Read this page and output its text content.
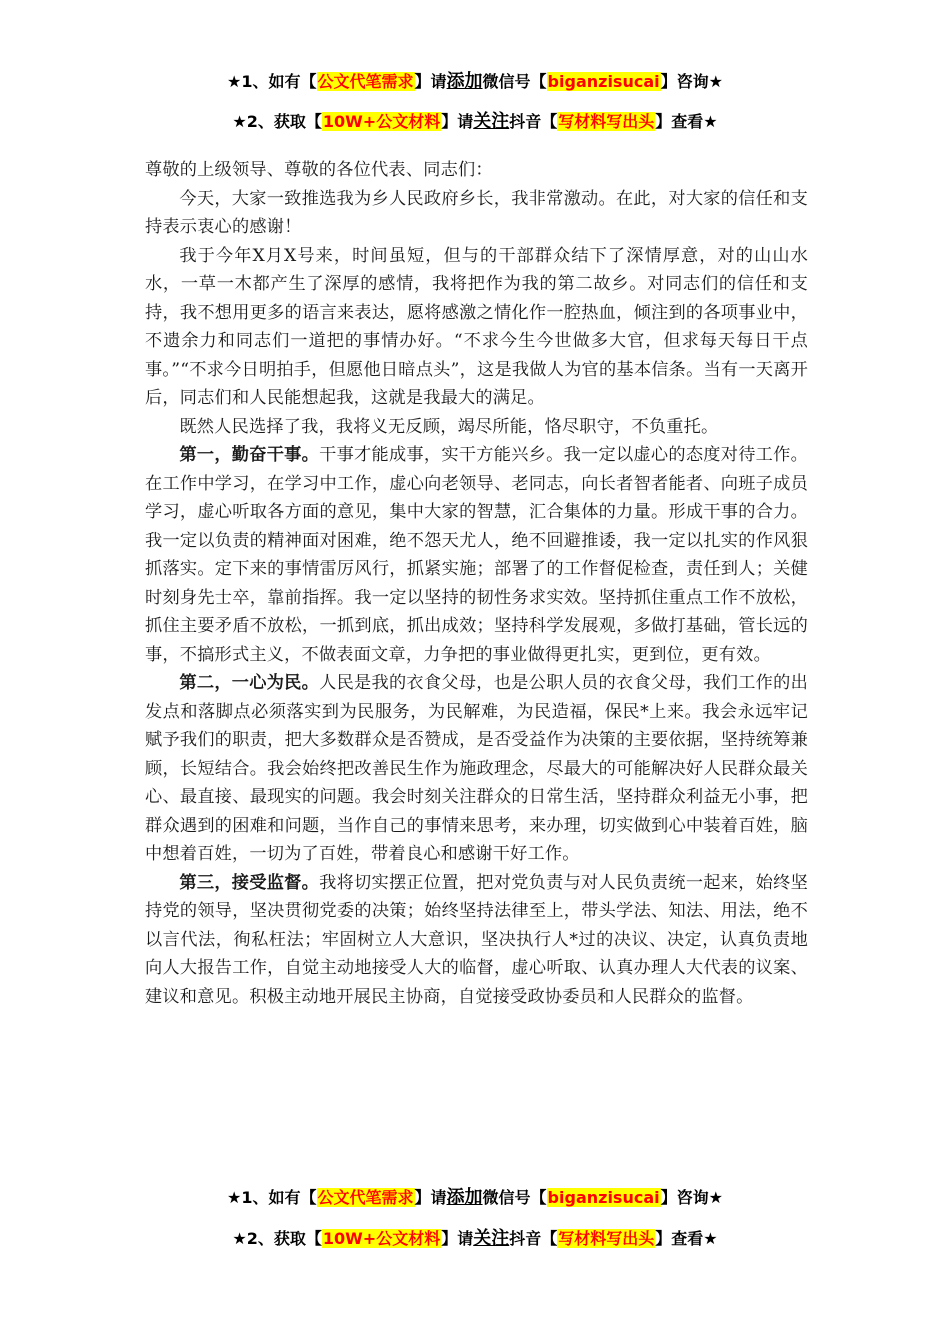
★1、如有【公文代笔需求】请添加微信号【biganzisucai】咨询★
★2、获取【10W+公文材料】请关注抖音【写材料写出头】查看★

尊敬的上级领导、尊敬的各位代表、同志们：

今天，大家一致推选我为乡人民政府乡长，我非常激动。在此，对大家的信任和支持表示衷心的感谢！

我于今年X月X号来，时间虽短，但与的干部群众结下了深情厚意，对的山山水水，一草一木都产生了深厚的感情，我将把作为我的第二故乡。对同志们的信任和支持，我不想用更多的语言来表达，愿将感激之情化作一腔热血，倾注到的各项事业中，不遗余力和同志们一道把的事情办好。“不求今生今世做多大官，但求每天每日干点事。”“不求今日明拍手，但愿他日暗点头”，这是我做人为官的基本信条。当有一天离开后，同志们和人民能想起我，这就是我最大的满足。

既然人民选择了我，我将义无反顾，竭尽所能，恪尽职守，不负重托。

第一，勤奋干事。干事才能成事，实干方能兴乡。我一定以虚心的态度对待工作。在工作中学习，在学习中工作，虚心向老领导、老同志，向长者智者能者、向班子成员学习，虚心听取各方面的意见，集中大家的智慧，汇合集体的力量。形成干事的合力。我一定以负责的精神面对困难，绝不怨天尤人，绝不回避推诿，我一定以扎实的作风狠抓落实。定下来的事情雷厉风行，抓紧实施；部署了的工作督促检查，责任到人；关健时刻身先士卒，靠前指挥。我一定以坚持的韧性务求实效。坚持抓住重点工作不放松，抓住主要矛盾不放松，一抓到底，抓出成效；坚持科学发展观，多做打基础，管长远的事，不搞形式主义，不做表面文章，力争把的事业做得更扎实，更到位，更有效。

第二，一心为民。人民是我的衣食父母，也是公职人员的衣食父母，我们工作的出发点和落脚点必须落实到为民服务，为民解难，为民造福，保民*上来。我会永远牢记赋予我们的职责，把大多数群众是否赞成，是否受益作为决策的主要依据，坚持统筹兼顾，长短结合。我会始终把改善民生作为施政理念，尽最大的可能解决好人民群众最关心、最直接、最现实的问题。我会时刻关注群众的日常生活，坚持群众利益无小事，把群众遇到的困难和问题，当作自己的事情来思考，来办理，切实做到心中装着百姓，脑中想着百姓，一切为了百姓，带着良心和感谢干好工作。

第三，接受监督。我将切实摆正位置，把对党负责与对人民负责统一起来，始终坚持党的领导，坚决贯彻党委的决策；始终坚持法律至上，带头学法、知法、用法，绝不以言代法，徇私枉法；牢固树立人大意识，坚决执行人*过的决议、决定，认真负责地向人大报告工作，自觉主动地接受人大的临督，虚心听取、认真办理人大代表的议案、建议和意见。积极主动地开展民主协商，自觉接受政协委员和人民群众的监督。

★1、如有【公文代笔需求】请添加微信号【biganzisucai】咨询★
★2、获取【10W+公文材料】请关注抖音【写材料写出头】查看★
